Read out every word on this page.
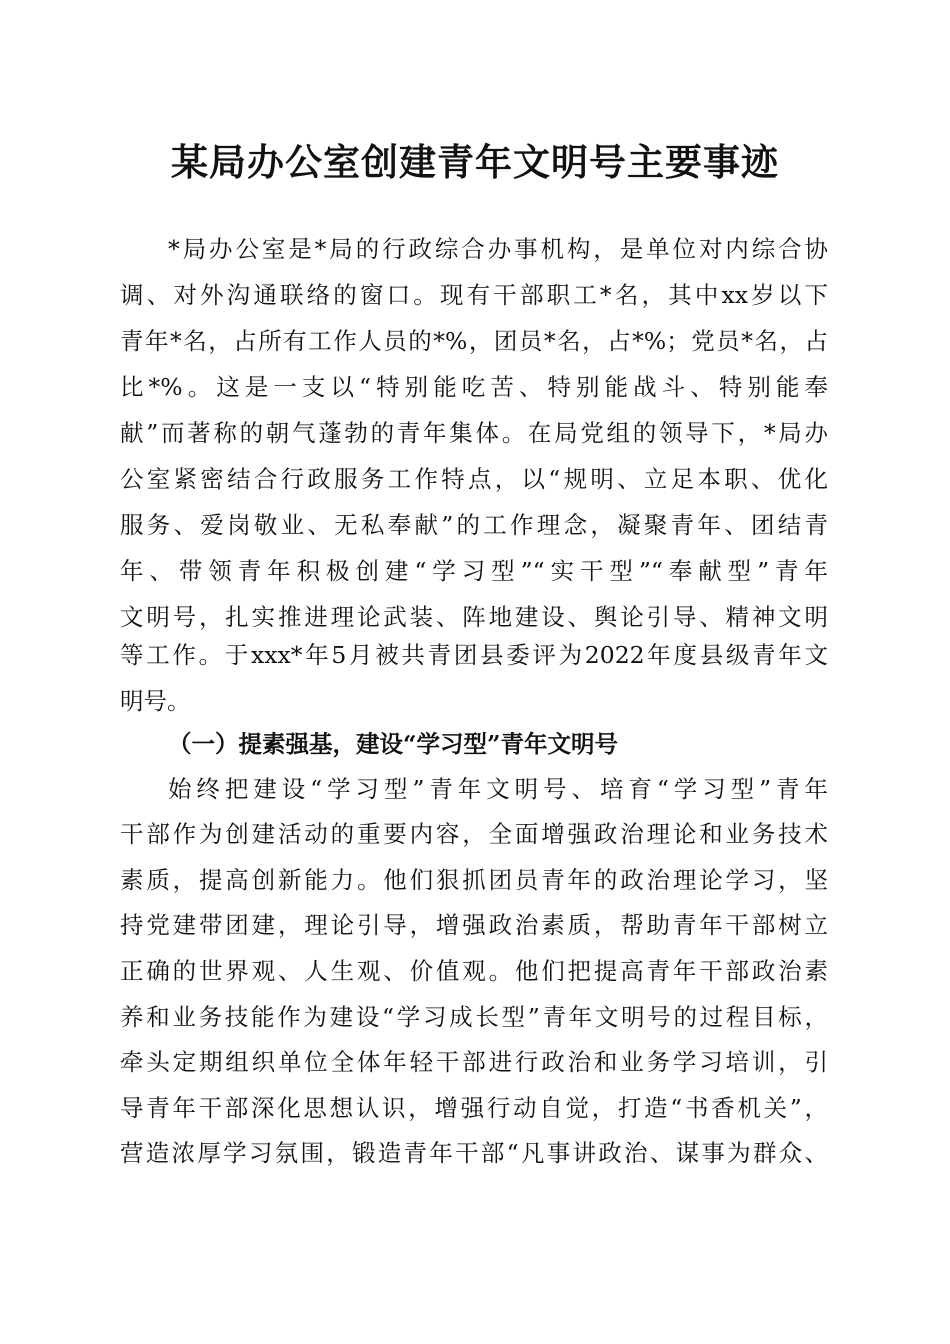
某局办公室创建青年文明号主要事迹

*局办公室是*局的行政综合办事机构，是单位对内综合协

调、对外沟通联络的窗口。现有干部职工*名，其中xx岁以下

青年*名，占所有工作人员的*%，团员*名，占*%；党员*名，占

比*%。这是一支以“特别能吃苦、特别能战斗、特别能奉

献”而著称的朝气蓬勃的青年集体。在局党组的领导下，*局办

公室紧密结合行政服务工作特点，以“规明、立足本职、优化

服务、爱岗敬业、无私奉献”的工作理念，凝聚青年、团结青

年、带领青年积极创建“学习型”“实干型”“奉献型”青年

文明号，扎实推进理论武装、阵地建设、舆论引导、精神文明

等工作。于xxx*年5月被共青团县委评为2022年度县级青年文

明号。

（一）提素强基，建设“学习型”青年文明号

始终把建设“学习型”青年文明号、培育“学习型”青年

干部作为创建活动的重要内容，全面增强政治理论和业务技术

素质，提高创新能力。他们狠抓团员青年的政治理论学习，坚

持党建带团建，理论引导，增强政治素质，帮助青年干部树立

正确的世界观、人生观、价值观。他们把提高青年干部政治素

养和业务技能作为建设“学习成长型”青年文明号的过程目标，

牵头定期组织单位全体年轻干部进行政治和业务学习培训，引

导青年干部深化思想认识，增强行动自觉，打造“书香机关”，

营造浓厚学习氛围，锻造青年干部“凡事讲政治、谋事为群众、
